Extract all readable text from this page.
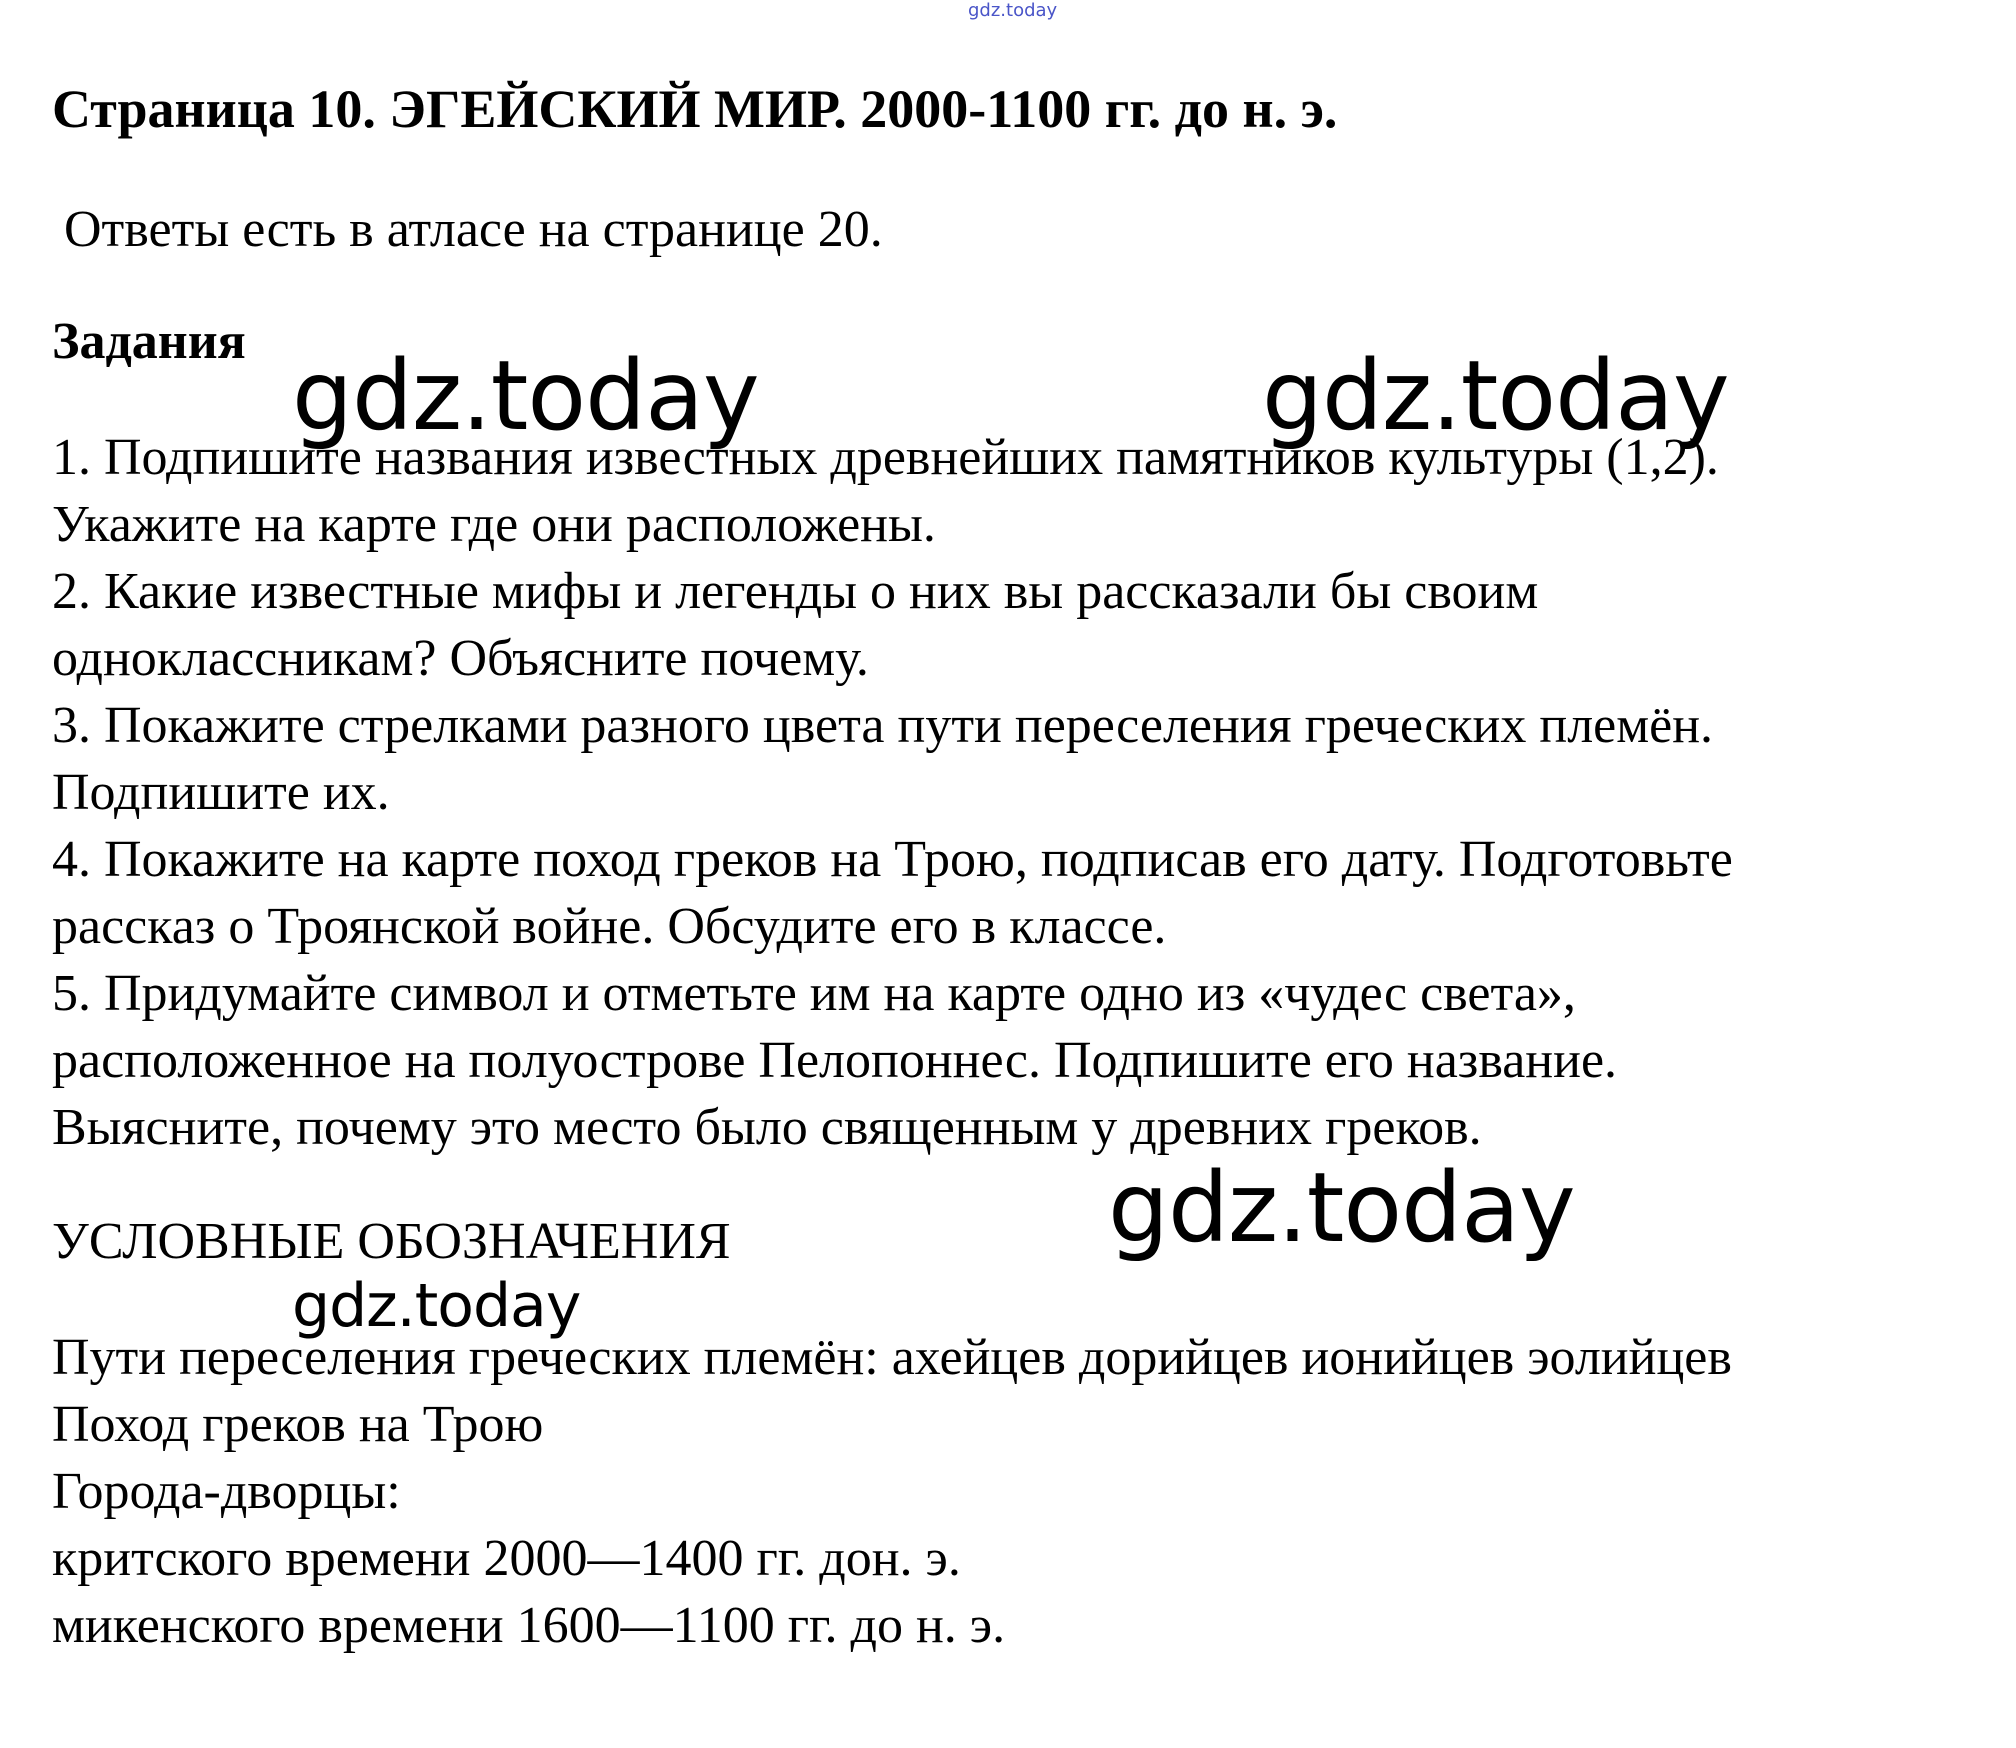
gdz.today
Страница 10. ЭГЕЙСКИЙ МИР. 2000-1100 гг. до н. э.
Ответы есть в атласе на странице 20.
Задания
1. Подпишите названия известных древнейших памятников культуры (1,2).
Укажите на карте где они расположены.
2. Какие известные мифы и легенды о них вы рассказали бы своим
одноклассникам? Объясните почему.
3. Покажите стрелками разного цвета пути переселения греческих племён.
Подпишите их.
4. Покажите на карте поход греков на Трою, подписав его дату. Подготовьте
рассказ о Троянской войне. Обсудите его в классе.
5. Придумайте символ и отметьте им на карте одно из «чудес света»,
расположенное на полуострове Пелопоннес. Подпишите его название.
Выясните, почему это место было священным у древних греков.
УСЛОВНЫЕ ОБОЗНАЧЕНИЯ
Пути переселения греческих племён: ахейцев дорийцев ионийцев эолийцев
Поход греков на Трою
Города-дворцы:
критского времени 2000—1400 гг. дон. э.
микенского времени 1600—1100 гг. до н. э.
gdz.today	gdz.today
gdz.today
gdz.today
